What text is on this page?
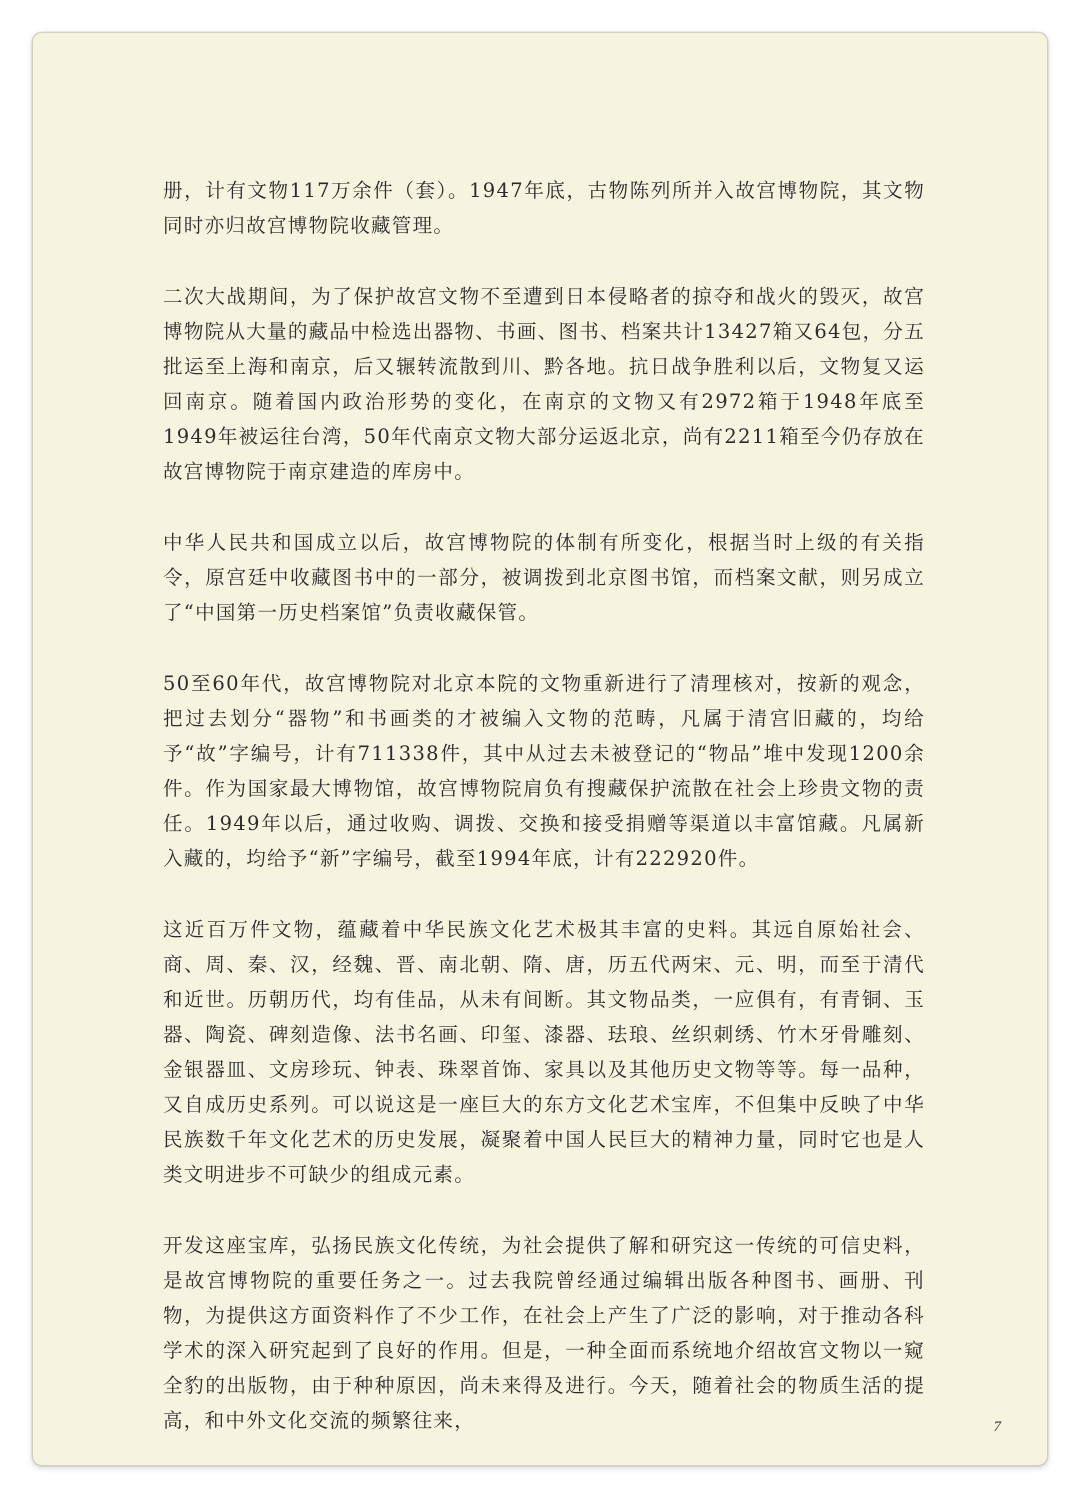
册，计有文物117万余件（套）。1947年底，古物陈列所并入故宫博物院，其文物同时亦归故宫博物院收藏管理。

二次大战期间，为了保护故宫文物不至遭到日本侵略者的掠夺和战火的毁灭，故宫博物院从大量的藏品中检选出器物、书画、图书、档案共计13427箱又64包，分五批运至上海和南京，后又辗转流散到川、黔各地。抗日战争胜利以后，文物复又运回南京。随着国内政治形势的变化，在南京的文物又有2972箱于1948年底至1949年被运往台湾，50年代南京文物大部分运返北京，尚有2211箱至今仍存放在故宫博物院于南京建造的库房中。

中华人民共和国成立以后，故宫博物院的体制有所变化，根据当时上级的有关指令，原宫廷中收藏图书中的一部分，被调拨到北京图书馆，而档案文献，则另成立了“中国第一历史档案馆”负责收藏保管。

50至60年代，故宫博物院对北京本院的文物重新进行了清理核对，按新的观念，把过去划分“器物”和书画类的才被编入文物的范畴，凡属于清宫旧藏的，均给予“故”字编号，计有711338件，其中从过去未被登记的“物品”堆中发现1200余件。作为国家最大博物馆，故宫博物院肩负有搜藏保护流散在社会上珍贵文物的责任。1949年以后，通过收购、调拨、交换和接受捐赠等渠道以丰富馆藏。凡属新入藏的，均给予“新”字编号，截至1994年底，计有222920件。

这近百万件文物，蕴藏着中华民族文化艺术极其丰富的史料。其远自原始社会、商、周、秦、汉，经魏、晋、南北朝、隋、唐，历五代两宋、元、明，而至于清代和近世。历朝历代，均有佳品，从未有间断。其文物品类，一应俱有，有青铜、玉器、陶瓷、碑刻造像、法书名画、印玺、漆器、珐琅、丝织刺绣、竹木牙骨雕刻、金银器皿、文房珍玩、钟表、珠翠首饰、家具以及其他历史文物等等。每一品种，又自成历史系列。可以说这是一座巨大的东方文化艺术宝库，不但集中反映了中华民族数千年文化艺术的历史发展，凝聚着中国人民巨大的精神力量，同时它也是人类文明进步不可缺少的组成元素。

开发这座宝库，弘扬民族文化传统，为社会提供了解和研究这一传统的可信史料，是故宫博物院的重要任务之一。过去我院曾经通过编辑出版各种图书、画册、刊物，为提供这方面资料作了不少工作，在社会上产生了广泛的影响，对于推动各科学术的深入研究起到了良好的作用。但是，一种全面而系统地介绍故宫文物以一窥全豹的出版物，由于种种原因，尚未来得及进行。今天，随着社会的物质生活的提高，和中外文化交流的频繁往来，	7
